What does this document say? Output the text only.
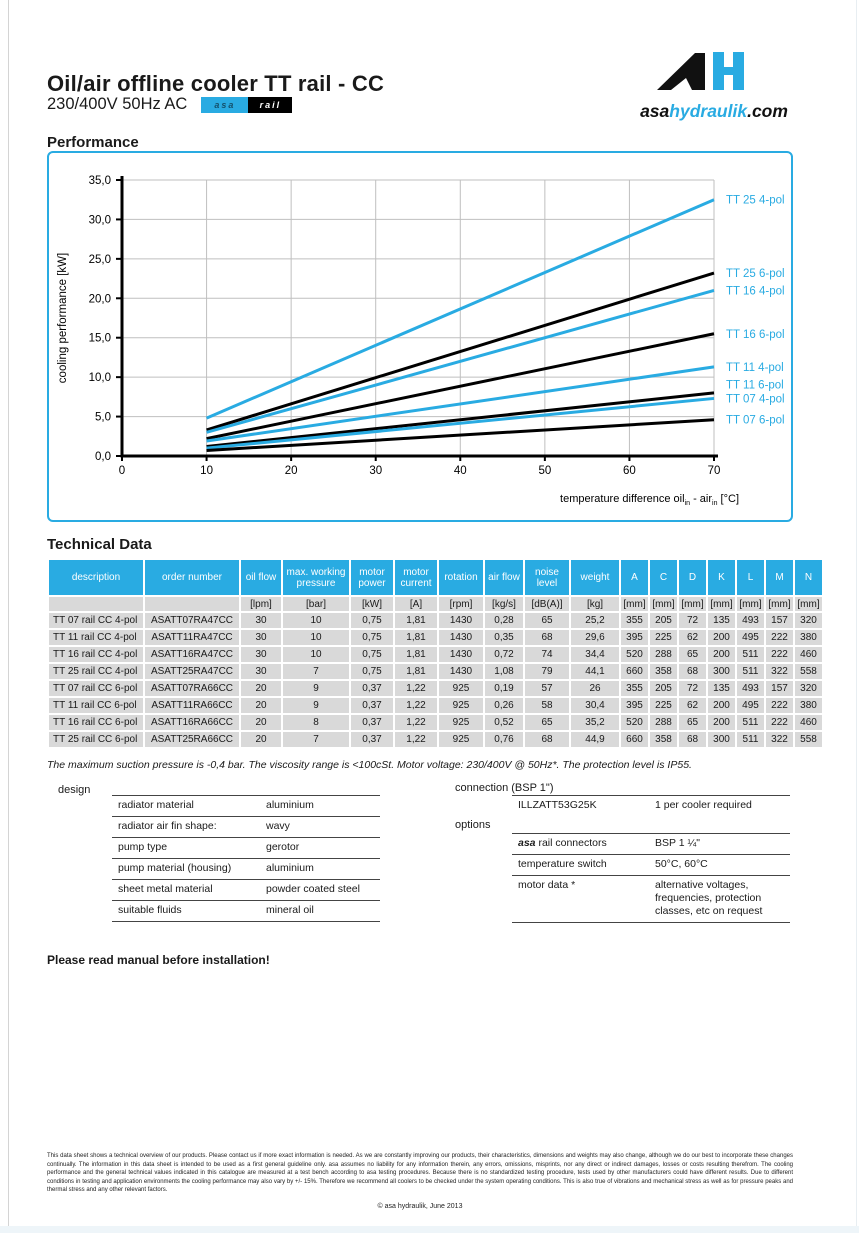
Oil/air offline cooler TT rail - CC
230/400V 50Hz AC	asa	rail	asahydraulik.com
Performance
0,0
5,0
10,0
15,0
20,0
25,0
30,0
35,0
0	10	20	30	40	50	60	70
TT 25 4-pol
TT 25 6-pol
TT 16 4-pol
TT 16 6-pol
TT 11 4-pol
TT 11 6-pol
TT 07 4-pol
TT 07 6-pol
cooling performance [kW]
temperature difference oil$_{in}$ - air$_{in}$ [°C]
Technical Data
description	order number	oil flow	max. working pressure	motor power	motor current	rotation	air flow	noise level	weight	A	C	D	K	L	M	N
		[lpm]	[bar]	[kW]	[A]	[rpm]	[kg/s]	[dB(A)]	[kg]	[mm]	[mm]	[mm]	[mm]	[mm]	[mm]	[mm]
TT 07 rail CC 4-pol	ASATT07RA47CC	30	10	0,75	1,81	1430	0,28	65	25,2	355	205	72	135	493	157	320
TT 11 rail CC 4-pol	ASATT11RA47CC	30	10	0,75	1,81	1430	0,35	68	29,6	395	225	62	200	495	222	380
TT 16 rail CC 4-pol	ASATT16RA47CC	30	10	0,75	1,81	1430	0,72	74	34,4	520	288	65	200	511	222	460
TT 25 rail CC 4-pol	ASATT25RA47CC	30	7	0,75	1,81	1430	1,08	79	44,1	660	358	68	300	511	322	558
TT 07 rail CC 6-pol	ASATT07RA66CC	20	9	0,37	1,22	925	0,19	57	26	355	205	72	135	493	157	320
TT 11 rail CC 6-pol	ASATT11RA66CC	20	9	0,37	1,22	925	0,26	58	30,4	395	225	62	200	495	222	380
TT 16 rail CC 6-pol	ASATT16RA66CC	20	8	0,37	1,22	925	0,52	65	35,2	520	288	65	200	511	222	460
TT 25 rail CC 6-pol	ASATT25RA66CC	20	7	0,37	1,22	925	0,76	68	44,9	660	358	68	300	511	322	558

The maximum suction pressure is -0,4 bar. The viscosity range is <100cSt. Motor voltage: 230/400V @ 50Hz*. The protection level is IP55.

design
radiator material	aluminium
radiator air fin shape:	wavy
pump type	gerotor
pump material (housing)	aluminium
sheet metal material	powder coated steel
suitable fluids	mineral oil
connection (BSP 1")
ILLZATT53G25K	1 per cooler required
options
asa rail connectors	BSP 1 ¼"
temperature switch	50°C, 60°C
motor data *	alternative voltages, frequencies, protection classes, etc on request

Please read manual before installation!

This data sheet shows a technical overview of our products. Please contact us if more exact information is needed. As we are constantly improving our products, their characteristics, dimensions and weights may also change, although we do our best to incorporate these changes continually. The information in this data sheet is intended to be used as a first general guideline only. asa assumes no liability for any information therein, any errors, omissions, misprints, nor any direct or indirect damages, losses or costs resulting therefrom. The cooling performance and the general technical values indicated in this catalogue are measured at a test bench according to asa testing procedures. Because there is no standardized testing procedure, tests used by other manufacturers could have different results. Due to different conditions in testing and application environments the cooling performance may also vary by +/- 15%. Therefore we recommend all coolers to be checked under the system operating conditions. This is also true of vibrations and mechanical stress as well as for pressure peaks and thermal stress and any other relevant factors.

© asa hydraulik, June 2013
